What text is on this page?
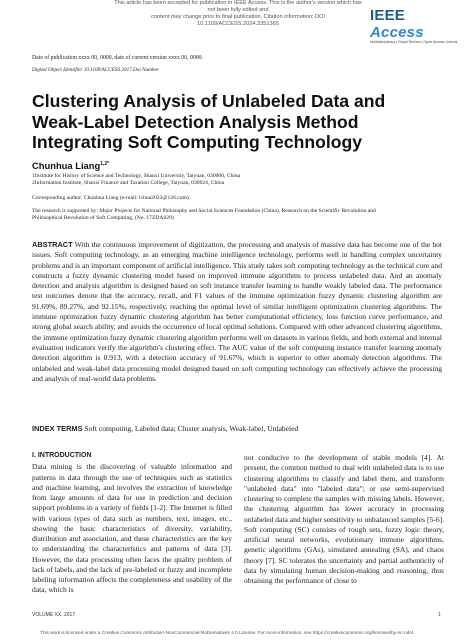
This article has been accepted for publication in IEEE Access. This is the author's version which has not been fully edited and
content may change prior to final publication. Citation information: DOI 10.1109/ACCESS.2024.3351365	IEEE Access
Multidisciplinary | Rapid Review | Open Access Journal
Date of publication xxxx 00, 0000, date of current version xxxx 00, 0000.
Digital Object Identifier 10.1109/ACCESS.2017.Doi Number
Clustering Analysis of Unlabeled Data and
Weak-Label Detection Analysis Method
Integrating Soft Computing Technology
Chunhua Liang$^{1,2*}$
1Institute for History of Science and Technology, Shanxi University, Taiyuan, 030006, China
2Information Institute, Shanxi Finance and Taxation College, Taiyuan, 030024, China
Corresponding author: Chunhua Liang (e-mail: lchua2023@126.com).
The research is supported by: Major Projects for National Philosophy and Social Sciences Foundation (China), Research on the Scientific Revolution and
Philosophical Revolution of Soft Computing, (No. 17ZDA029)
ABSTRACT With the continuous improvement of digitization, the processing and analysis of massive data has become one of the hot issues. Soft computing technology, as an emerging machine intelligence technology, performs well in handling complex uncertainty problems and is an important component of artificial intelligence. This study takes soft computing technology as the technical core and constructs a fuzzy dynamic clustering model based on improved immune algorithms to process unlabeled data. And an anomaly detection and analysis algorithm is designed based on soft instance transfer learning to handle weakly labeled data. The performance test outcomes denote that the accuracy, recall, and F1 values of the immune optimization fuzzy dynamic clustering algorithm are 91.69%, 89.27%, and 92.15%, respectively, reaching the optimal level of similar intelligent optimization clustering algorithms. The immune optimization fuzzy dynamic clustering algorithm has better computational efficiency, loss function curve performance, and strong global search ability, and avoids the occurrence of local optimal solutions. Compared with other advanced clustering algorithms, the immune optimization fuzzy dynamic clustering algorithm performs well on datasets in various fields, and both external and internal evaluation indicators verify the algorithm's clustering effect. The AUC value of the soft computing instance transfer learning anomaly detection algorithm is 0.913, with a detection accuracy of 91.67%, which is superior to other anomaly detection algorithms. The unlabeled and weak-label data processing model designed based on soft computing technology can effectively achieve the processing and analysis of real-world data problems.
INDEX TERMS Soft computing, Labeled data; Cluster analysis, Weak-label, Unlabeled
I. INTRODUCTION
Data mining is the discovering of valuable information and patterns in data through the use of techniques such as statistics and machine learning, and involves the extraction of knowledge from large amounts of data for use in prediction and decision support problems in a variety of fields [1-2]. The Internet is filled with various types of data such as numbers, text, images, etc., showing the basic characteristics of diversity, variability, distribution and association, and these characteristics are the key to understanding the characteristics and patterns of data [3]. However, the data processing often faces the quality problem of lack of labels, and the lack of pre-labeled or fuzzy and incomplete labeling information affects the completeness and usability of the data, which is
not conducive to the development of stable models [4]. At present, the common method to deal with unlabeled data is to use clustering algorithms to classify and label them, and transform "unlabeled data" into "labeled data"; or use semi-supervised clustering to complete the samples with missing labels. However, the clustering algorithm has lower accuracy in processing unlabeled data and higher sensitivity to unbalanced samples [5-6]. Soft computing (SC) consists of rough sets, fuzzy logic theory, artificial neural networks, evolutionary immune algorithms, genetic algorithms (GAs), simulated annealing (SA), and chaos theory [7]. SC tolerates the uncertainty and partial authenticity of data by simulating human decision-making and reasoning, thus obtaining the performance of close to
VOLUME XX, 2017	1
This work is licensed under a Creative Commons Attribution-NonCommercial-NoDerivatives 4.0 License. For more information, see https://creativecommons.org/licenses/by-nc-nd/4
